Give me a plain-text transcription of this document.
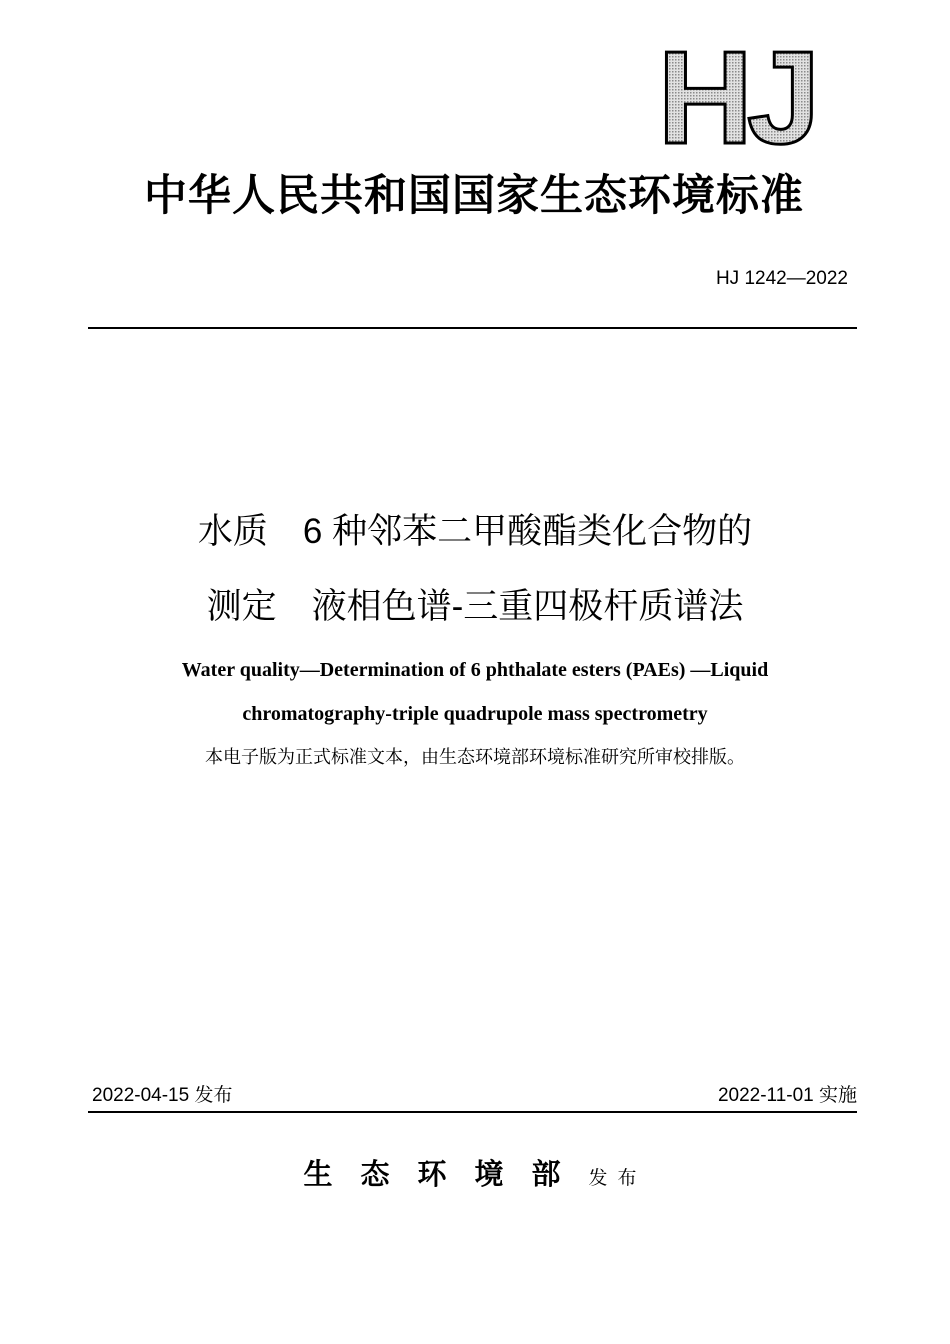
HJ
中华人民共和国国家生态环境标准
HJ 1242—2022
水质　6 种邻苯二甲酸酯类化合物的
测定　液相色谱-三重四极杆质谱法
Water quality—Determination of 6 phthalate esters (PAEs) —Liquid
chromatography-triple quadrupole mass spectrometry
本电子版为正式标准文本，由生态环境部环境标准研究所审校排版。
2022-04-15 发布	2022-11-01 实施
生态环境部发布
